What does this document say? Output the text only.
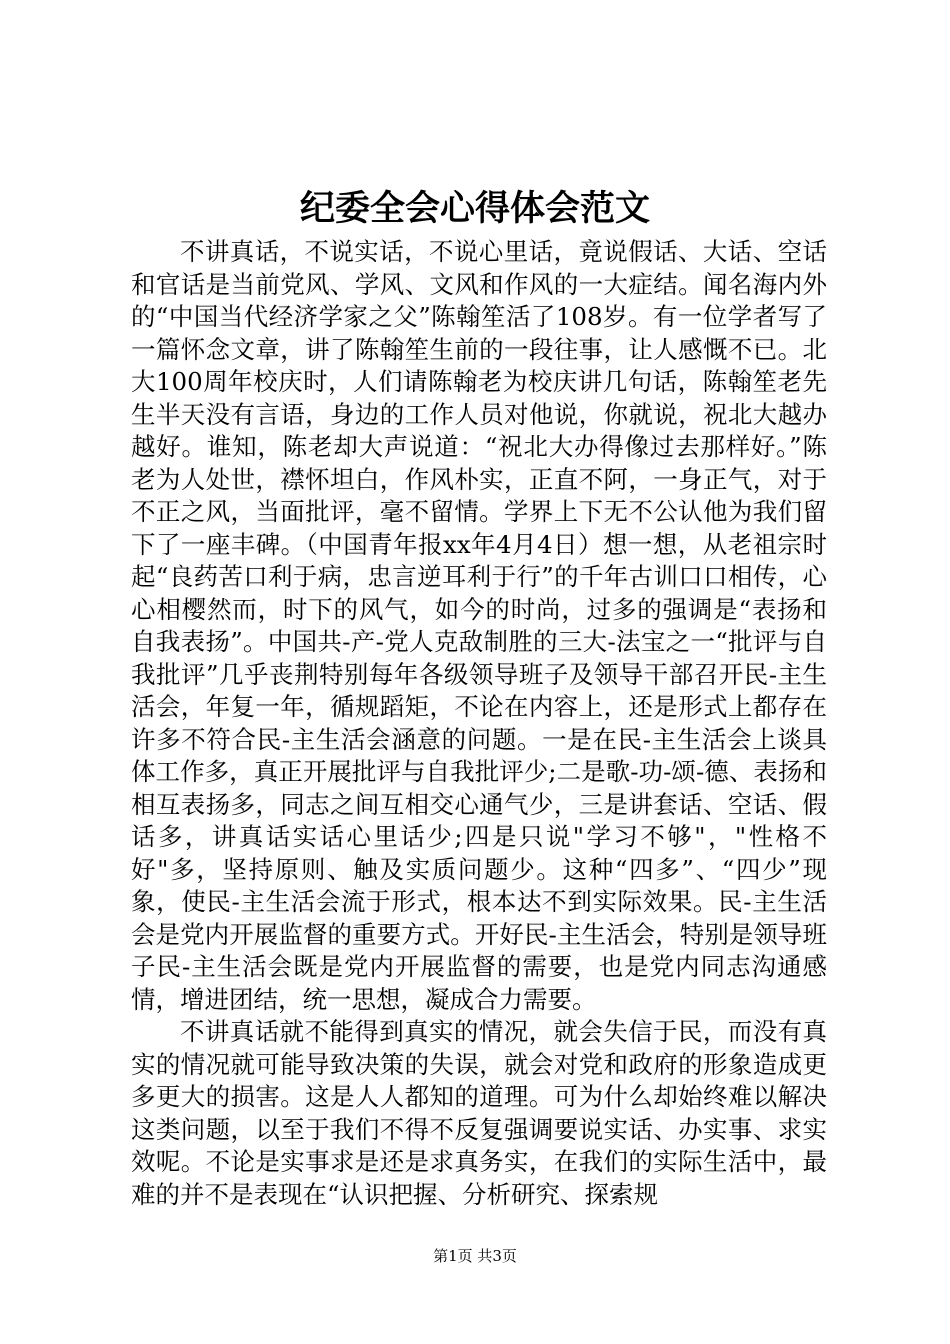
纪委全会心得体会范文

不讲真话，不说实话，不说心里话，竟说假话、大话、空话和官话是当前党风、学风、文风和作风的一大症结。闻名海内外的“中国当代经济学家之父”陈翰笙活了108岁。有一位学者写了一篇怀念文章，讲了陈翰笙生前的一段往事，让人感慨不已。北大100周年校庆时，人们请陈翰老为校庆讲几句话，陈翰笙老先生半天没有言语，身边的工作人员对他说，你就说，祝北大越办越好。谁知，陈老却大声说道：“祝北大办得像过去那样好。”陈老为人处世，襟怀坦白，作风朴实，正直不阿，一身正气，对于不正之风，当面批评，毫不留情。学界上下无不公认他为我们留下了一座丰碑。（中国青年报xx年4月4日）想一想，从老祖宗时起“良药苦口利于病，忠言逆耳利于行”的千年古训口口相传，心心相樱然而，时下的风气，如今的时尚，过多的强调是“表扬和自我表扬”。中国共-产-党人克敌制胜的三大-法宝之一“批评与自我批评”几乎丧荆特别每年各级领导班子及领导干部召开民-主生活会，年复一年，循规蹈矩，不论在内容上，还是形式上都存在许多不符合民-主生活会涵意的问题。一是在民-主生活会上谈具体工作多，真正开展批评与自我批评少;二是歌-功-颂-德、表扬和相互表扬多，同志之间互相交心通气少，三是讲套话、空话、假话多，讲真话实话心里话少;四是只说"学习不够"，"性格不好"多，坚持原则、触及实质问题少。这种“四多”、“四少”现象，使民-主生活会流于形式，根本达不到实际效果。民-主生活会是党内开展监督的重要方式。开好民-主生活会，特别是领导班子民-主生活会既是党内开展监督的需要，也是党内同志沟通感情，增进团结，统一思想，凝成合力需要。

不讲真话就不能得到真实的情况，就会失信于民，而没有真实的情况就可能导致决策的失误，就会对党和政府的形象造成更多更大的损害。这是人人都知的道理。可为什么却始终难以解决这类问题，以至于我们不得不反复强调要说实话、办实事、求实效呢。不论是实事求是还是求真务实，在我们的实际生活中，最难的并不是表现在“认识把握、分析研究、探索规

第1页 共3页
